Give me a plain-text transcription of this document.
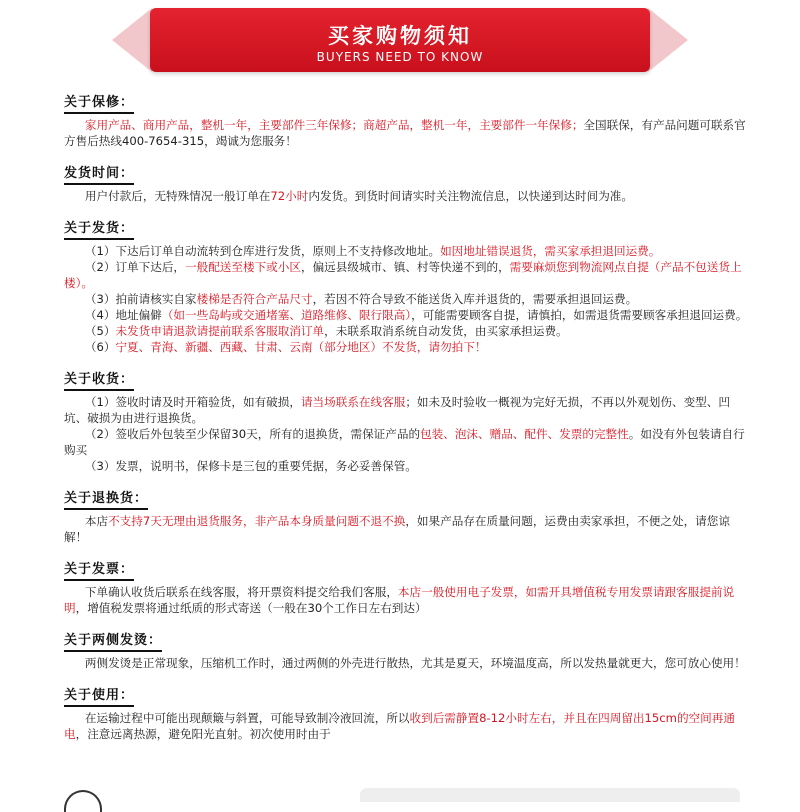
买家购物须知
BUYERS NEED TO KNOW
关于保修：

家用产品、商用产品，整机一年，主要部件三年保修；商超产品，整机一年，主要部件一年保修；全国联保，有产品问题可联系官方售后热线400-7654-315，竭诚为您服务！

发货时间：

用户付款后，无特殊情况一般订单在72小时内发货。到货时间请实时关注物流信息，以快递到达时间为准。

关于发货：

（1）下达后订单自动流转到仓库进行发货，原则上不支持修改地址。如因地址错误退货，需买家承担退回运费。

（2）订单下达后，一般配送至楼下或小区，偏远县级城市、镇、村等快递不到的，需要麻烦您到物流网点自提（产品不包送货上楼）。

（3）拍前请核实自家楼梯是否符合产品尺寸，若因不符合导致不能送货入库并退货的，需要承担退回运费。

（4）地址偏僻（如一些岛屿或交通堵塞、道路维修、限行限高），可能需要顾客自提，请慎拍，如需退货需要顾客承担退回运费。

（5）未发货申请退款请提前联系客服取消订单，未联系取消系统自动发货，由买家承担运费。

（6）宁夏、青海、新疆、西藏、甘肃、云南（部分地区）不发货，请勿拍下！

关于收货：

（1）签收时请及时开箱验货，如有破损，请当场联系在线客服；如未及时验收一概视为完好无损，不再以外观划伤、变型、凹坑、破损为由进行退换货。

（2）签收后外包装至少保留30天，所有的退换货，需保证产品的包装、泡沫、赠品、配件、发票的完整性。如没有外包装请自行购买

（3）发票，说明书，保修卡是三包的重要凭据，务必妥善保管。

关于退换货：

本店不支持7天无理由退货服务，非产品本身质量问题不退不换，如果产品存在质量问题，运费由卖家承担，不便之处，请您谅解！

关于发票：

下单确认收货后联系在线客服，将开票资料提交给我们客服，本店一般使用电子发票，如需开具增值税专用发票请跟客服提前说明，增值税发票将通过纸质的形式寄送（一般在30个工作日左右到达）

关于两侧发烫：

两侧发烫是正常现象，压缩机工作时，通过两侧的外壳进行散热，尤其是夏天，环境温度高，所以发热量就更大，您可放心使用！

关于使用：

在运输过程中可能出现颠簸与斜置，可能导致制冷液回流，所以收到后需静置8-12小时左右，并且在四周留出15cm的空间再通电，注意远离热源，避免阳光直射。初次使用时由于
